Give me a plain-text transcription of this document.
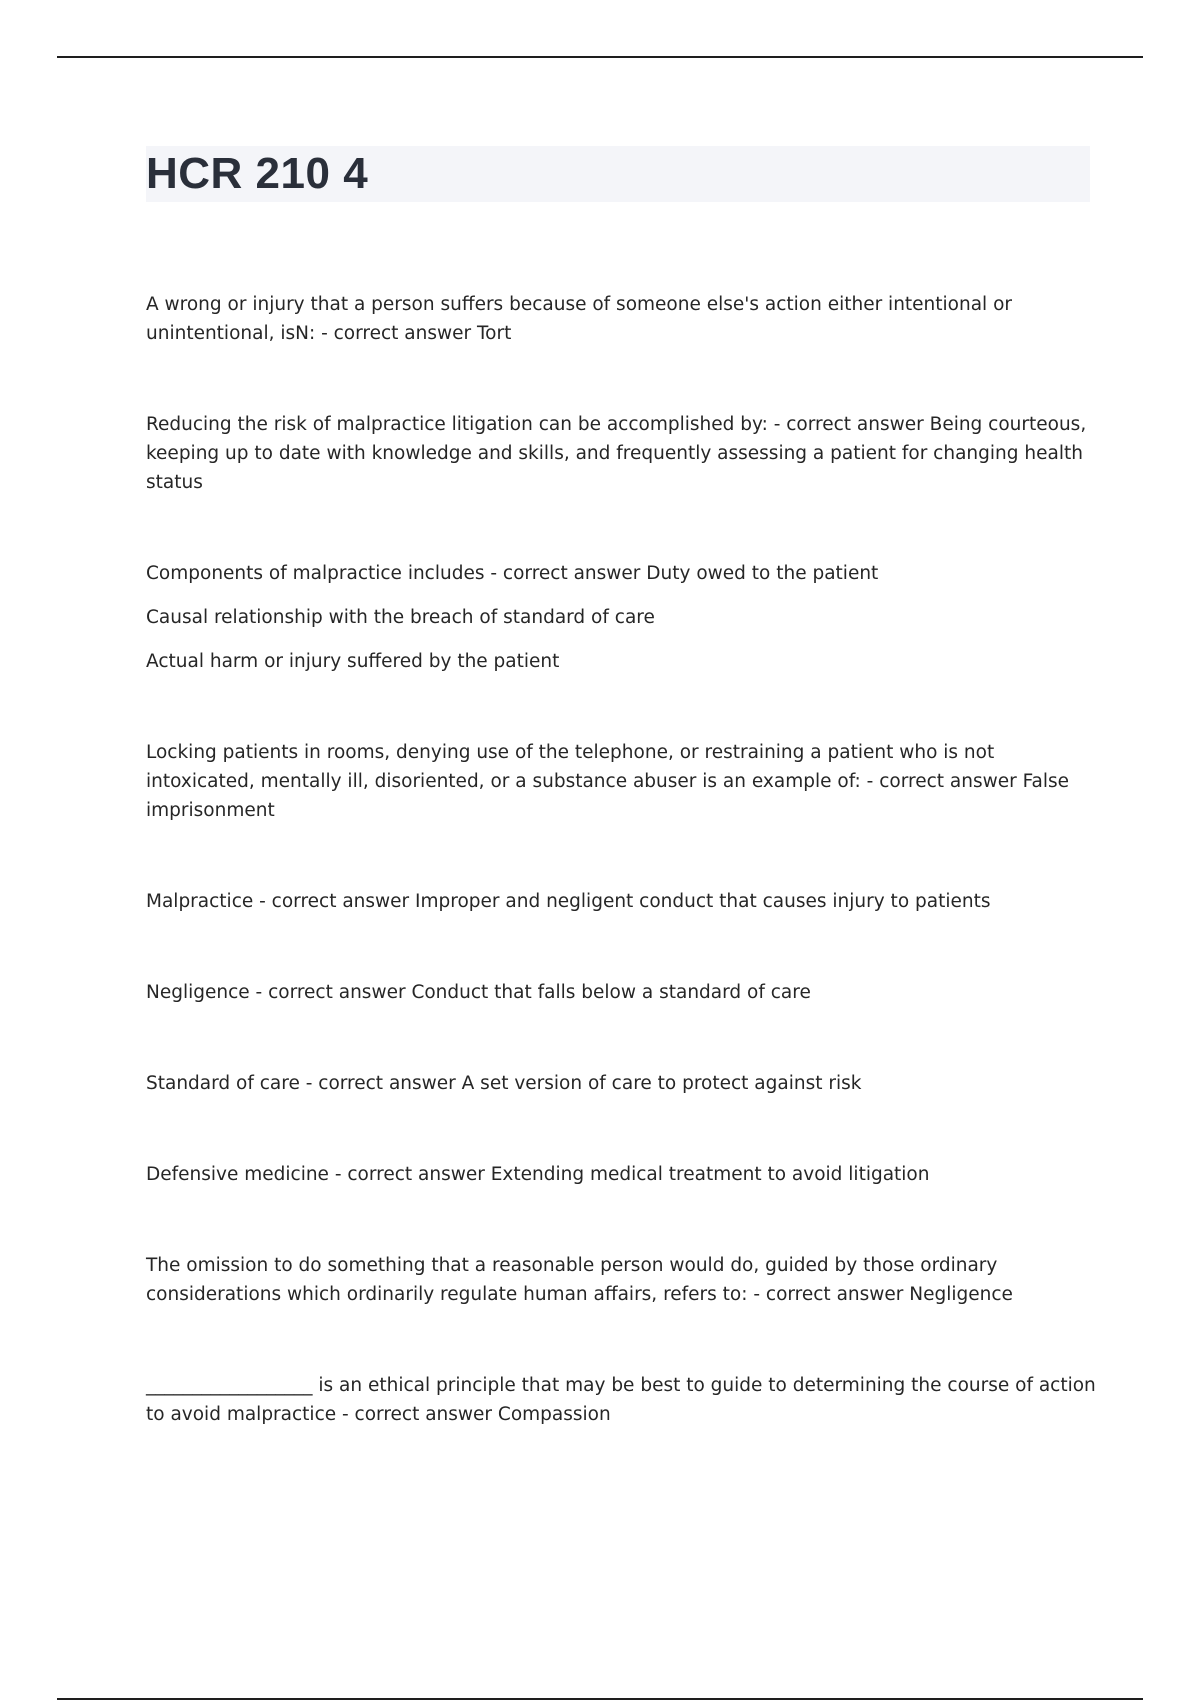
HCR 210 4

A wrong or injury that a person suffers because of someone else's action either intentional or unintentional, isN: - correct answer Tort

Reducing the risk of malpractice litigation can be accomplished by: - correct answer Being courteous, keeping up to date with knowledge and skills, and frequently assessing a patient for changing health status

Components of malpractice includes - correct answer Duty owed to the patient

Causal relationship with the breach of standard of care

Actual harm or injury suffered by the patient

Locking patients in rooms, denying use of the telephone, or restraining a patient who is not intoxicated, mentally ill, disoriented, or a substance abuser is an example of: - correct answer False imprisonment

Malpractice - correct answer Improper and negligent conduct that causes injury to patients

Negligence - correct answer Conduct that falls below a standard of care

Standard of care - correct answer A set version of care to protect against risk

Defensive medicine - correct answer Extending medical treatment to avoid litigation

The omission to do something that a reasonable person would do, guided by those ordinary considerations which ordinarily regulate human affairs, refers to: - correct answer Negligence

__________________ is an ethical principle that may be best to guide to determining the course of action to avoid malpractice - correct answer Compassion
